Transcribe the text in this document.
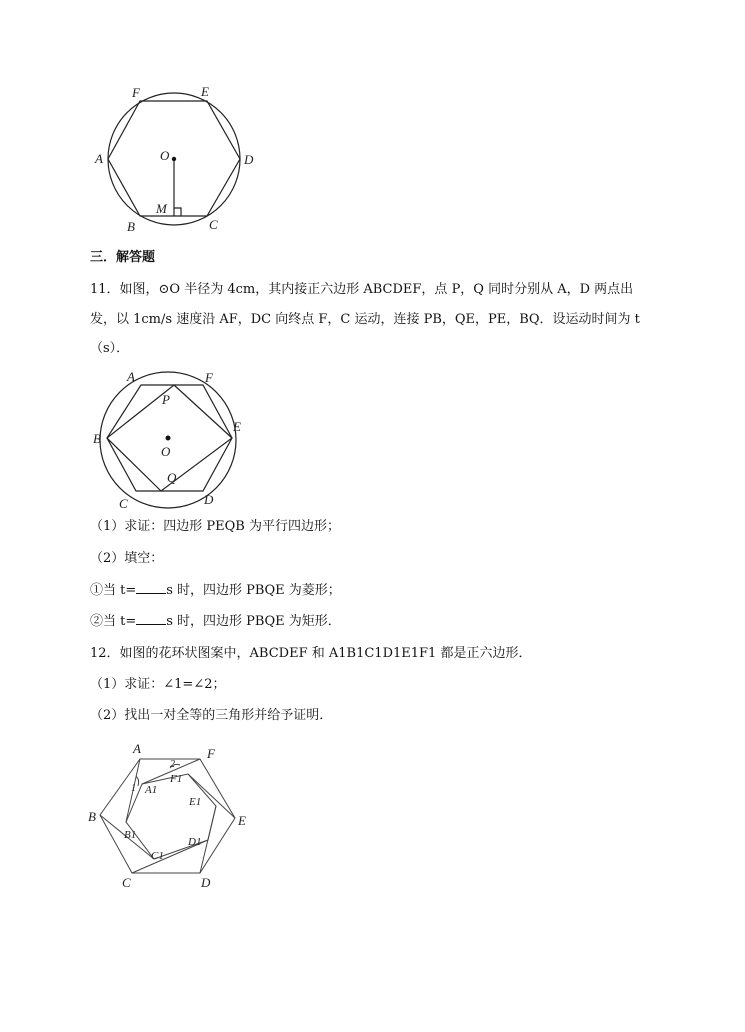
F	E
A	D
O
M
B	C
A	F
P
B
E
O
Q
C	D
A	F
B	E
C	D
A1
F1
E1
B1
C1
D1
1
2
三．解答题
11．如图，⊙O 半径为 4cm，其内接正六边形 ABCDEF，点 P，Q 同时分别从 A，D 两点出
发，以 1cm/s 速度沿 AF，DC 向终点 F，C 运动，连接 PB，QE，PE，BQ．设运动时间为 t
（s）．
（1）求证：四边形 PEQB 为平行四边形；
（2）填空：
①当 t= s 时，四边形 PBQE 为菱形；
②当 t= s 时，四边形 PBQE 为矩形．
12．如图的花环状图案中，ABCDEF 和 A1B1C1D1E1F1 都是正六边形．
（1）求证：∠1=∠2；
（2）找出一对全等的三角形并给予证明．
